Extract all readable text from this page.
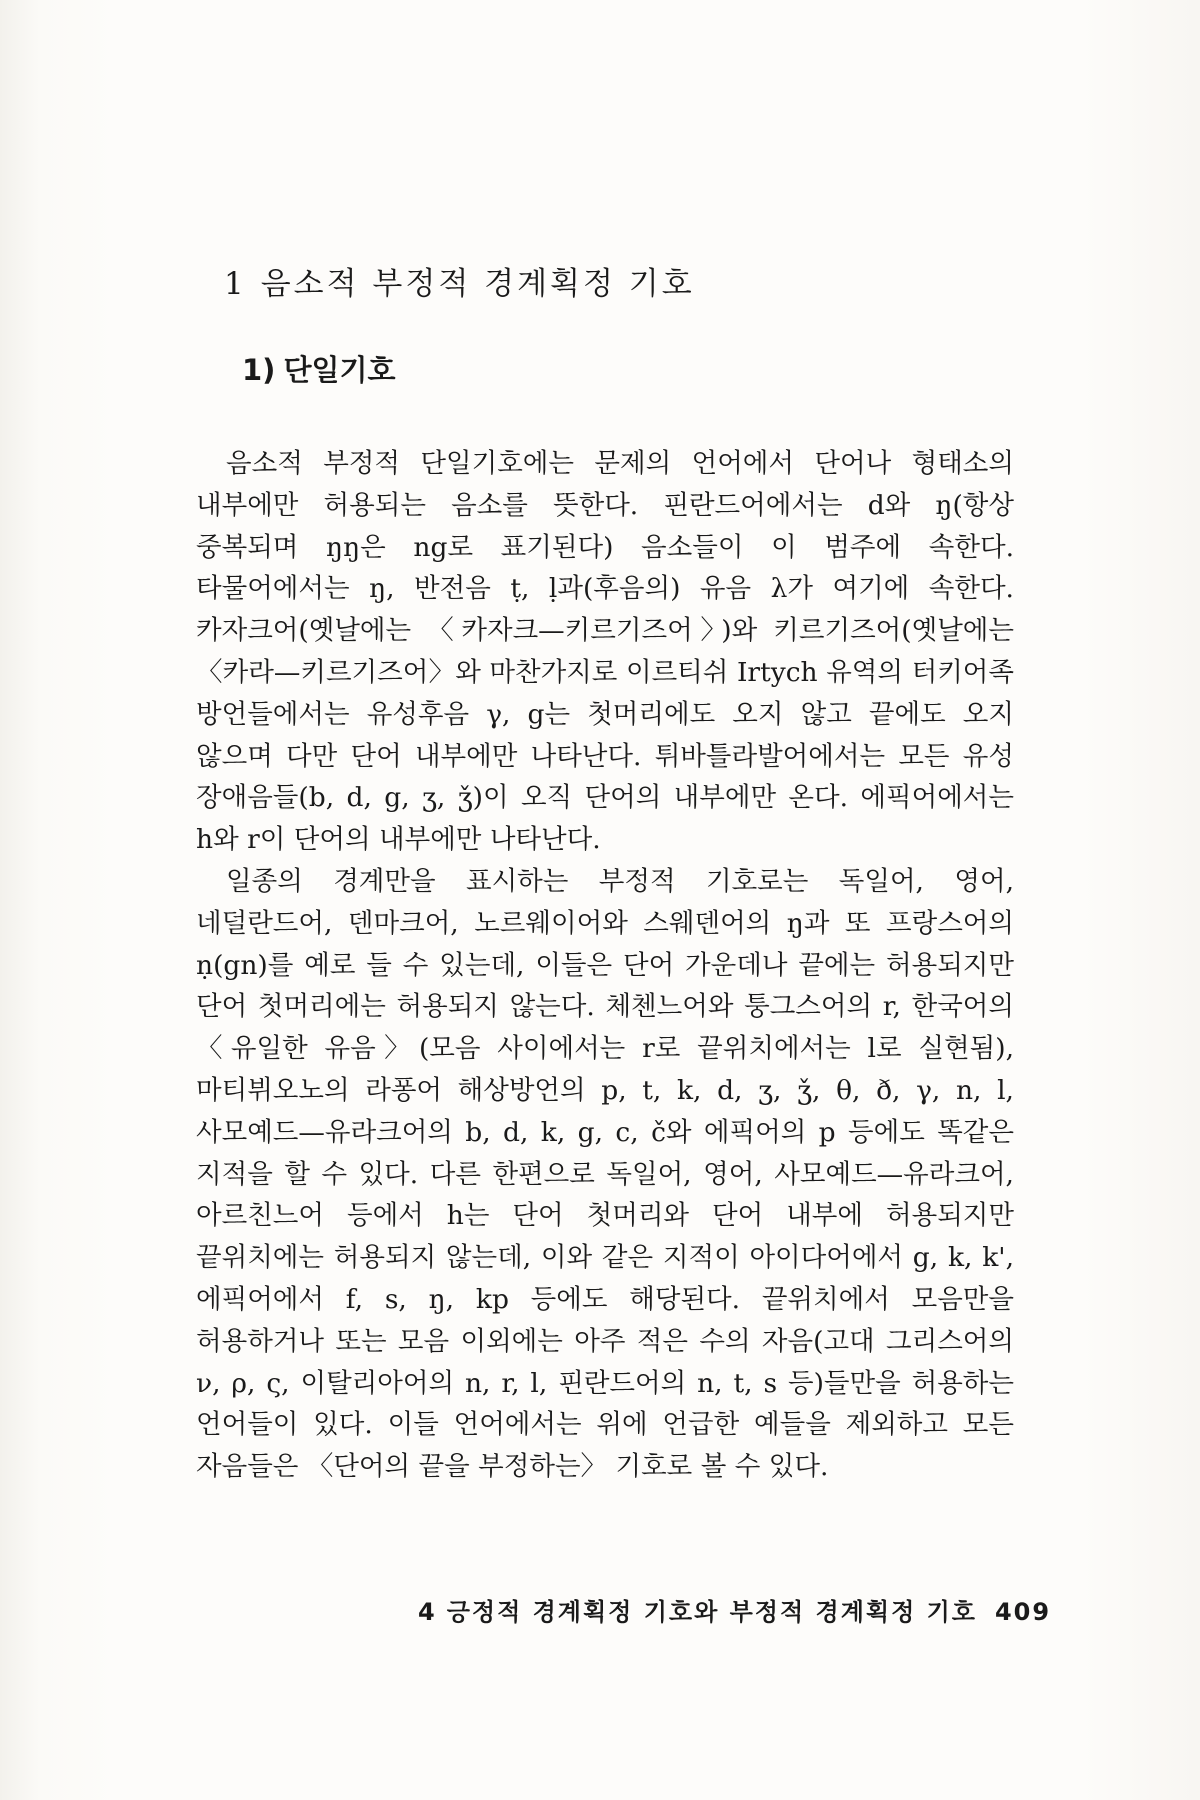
1 음소적 부정적 경계획정 기호
1) 단일기호

음소적 부정적 단일기호에는 문제의 언어에서 단어나 형태소의 내부에만 허용되는 음소를 뜻한다. 핀란드어에서는 d와 ŋ(항상 중복되며 ŋŋ은 ng로 표기된다) 음소들이 이 범주에 속한다. 타물어에서는 ŋ, 반전음 ṭ, ḷ과(후음의) 유음 λ가 여기에 속한다. 카자크어(옛날에는 〈카자크—키르기즈어〉)와 키르기즈어(옛날에는 〈카라—키르기즈어〉와 마찬가지로 이르티쉬 Irtych 유역의 터키어족 방언들에서는 유성후음 γ, g는 첫머리에도 오지 않고 끝에도 오지 않으며 다만 단어 내부에만 나타난다. 튀바틀라발어에서는 모든 유성 장애음들(b, d, g, ʒ, ǯ)이 오직 단어의 내부에만 온다. 에픽어에서는 h와 r이 단어의 내부에만 나타난다.

일종의 경계만을 표시하는 부정적 기호로는 독일어, 영어, 네덜란드어, 덴마크어, 노르웨이어와 스웨덴어의 ŋ과 또 프랑스어의 ṇ(gn)를 예로 들 수 있는데, 이들은 단어 가운데나 끝에는 허용되지만 단어 첫머리에는 허용되지 않는다. 체첸느어와 퉁그스어의 r, 한국어의 〈유일한 유음〉(모음 사이에서는 r로 끝위치에서는 l로 실현됨), 마티뷔오노의 라퐁어 해상방언의 p, t, k, d, ʒ, ǯ, θ, ð, γ, n, l, 사모예드—유라크어의 b, d, k, g, c, č와 에픽어의 p 등에도 똑같은 지적을 할 수 있다. 다른 한편으로 독일어, 영어, 사모예드—유라크어, 아르친느어 등에서 h는 단어 첫머리와 단어 내부에 허용되지만 끝위치에는 허용되지 않는데, 이와 같은 지적이 아이다어에서 g, k, k', 에픽어에서 f, s, ŋ, kp 등에도 해당된다. 끝위치에서 모음만을 허용하거나 또는 모음 이외에는 아주 적은 수의 자음(고대 그리스어의 ν, ρ, ς, 이탈리아어의 n, r, l, 핀란드어의 n, t, s 등)들만을 허용하는 언어들이 있다. 이들 언어에서는 위에 언급한 예들을 제외하고 모든 자음들은 〈단어의 끝을 부정하는〉 기호로 볼 수 있다.

4 긍정적 경계획정 기호와 부정적 경계획정 기호 409
